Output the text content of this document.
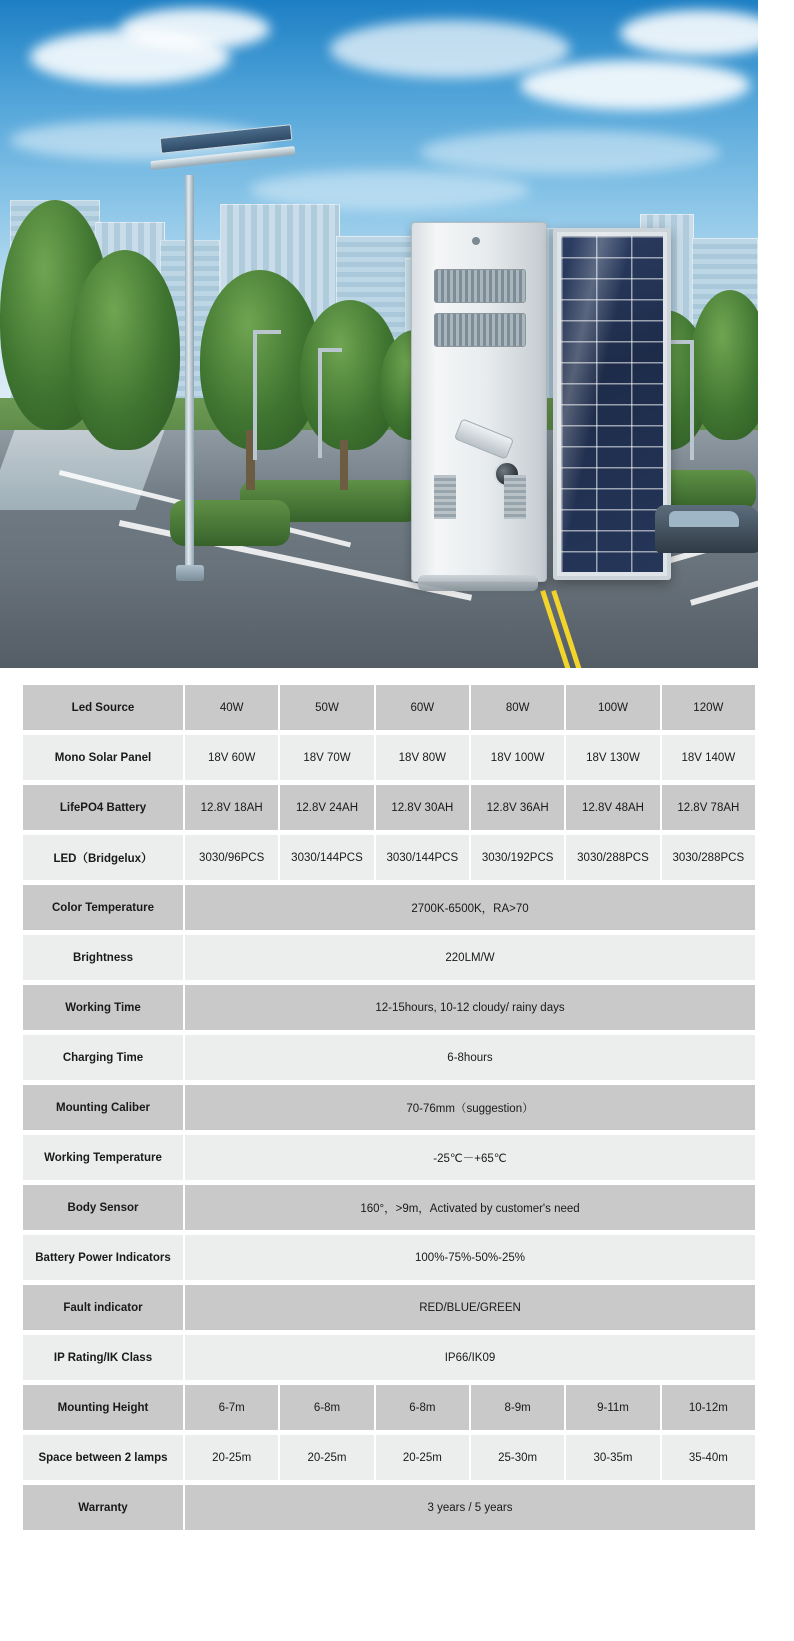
Led Source	40W	50W	60W	80W	100W	120W
Mono Solar Panel	18V 60W	18V 70W	18V 80W	18V 100W	18V 130W	18V 140W
LifePO4 Battery	12.8V 18AH	12.8V 24AH	12.8V 30AH	12.8V 36AH	12.8V 48AH	12.8V 78AH
LED（Bridgelux）	3030/96PCS	3030/144PCS	3030/144PCS	3030/192PCS	3030/288PCS	3030/288PCS
Color Temperature	2700K-6500K，RA>70					
Brightness	220LM/W					
Working Time	12-15hours, 10-12 cloudy/ rainy days					
Charging Time	6-8hours					
Mounting Caliber	70-76mm（suggestion）					
Working Temperature	-25℃－+65℃					
Body Sensor	160°，>9m，Activated by customer's need					
Battery Power Indicators	100%-75%-50%-25%					
Fault indicator	RED/BLUE/GREEN					
IP Rating/IK Class	IP66/IK09					
Mounting Height	6-7m	6-8m	6-8m	8-9m	9-11m	10-12m
Space between 2 lamps	20-25m	20-25m	20-25m	25-30m	30-35m	35-40m
Warranty	3 years / 5 years					
